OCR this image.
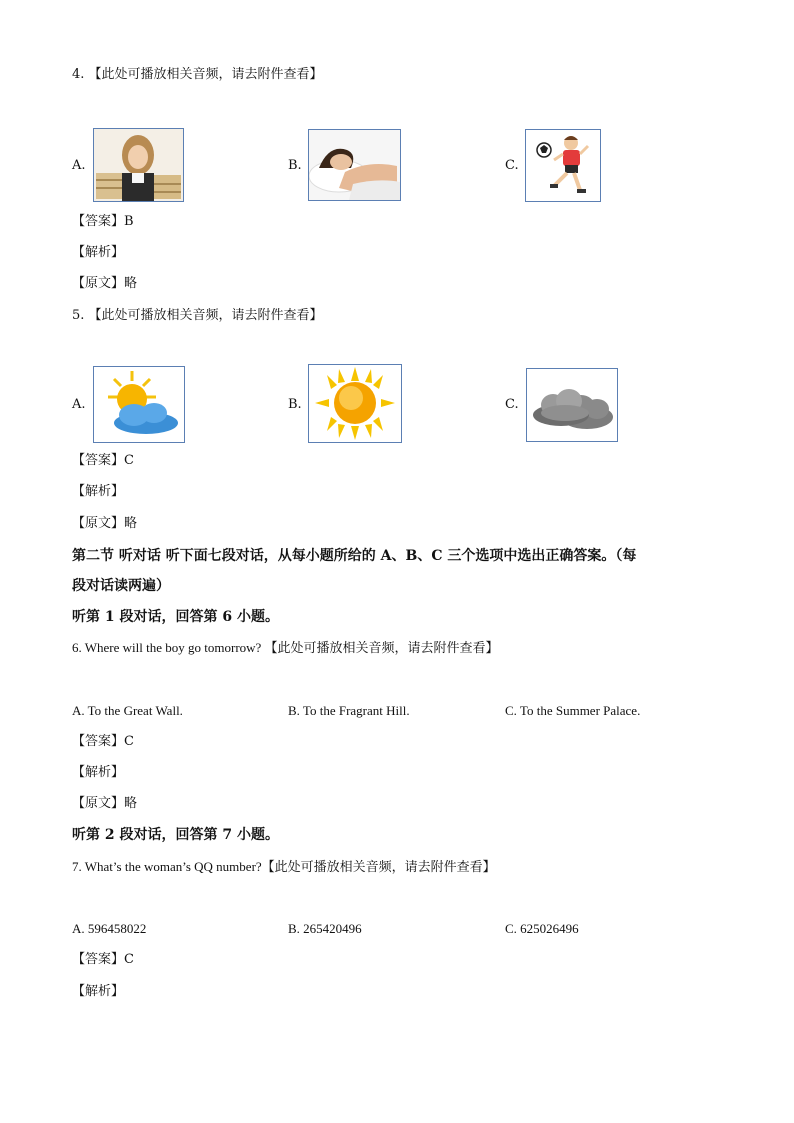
4. 【此处可播放相关音频，请去附件查看】
A.	B.	C.
【答案】B
【解析】
【原文】略
5. 【此处可播放相关音频，请去附件查看】
A.	B.	C.
【答案】C
【解析】
【原文】略
第二节 听对话 听下面七段对话，从每小题所给的 A、B、C 三个选项中选出正确答案。（每
段对话读两遍）
听第 1 段对话，回答第 6 小题。
6. Where will the boy go tomorrow? 【此处可播放相关音频，请去附件查看】
A. To the Great Wall.	B. To the Fragrant Hill.	C. To the Summer Palace.
【答案】C
【解析】
【原文】略
听第 2 段对话，回答第 7 小题。
7. What’s the woman’s QQ number?【此处可播放相关音频，请去附件查看】
A. 596458022	B. 265420496	C. 625026496
【答案】C
【解析】
